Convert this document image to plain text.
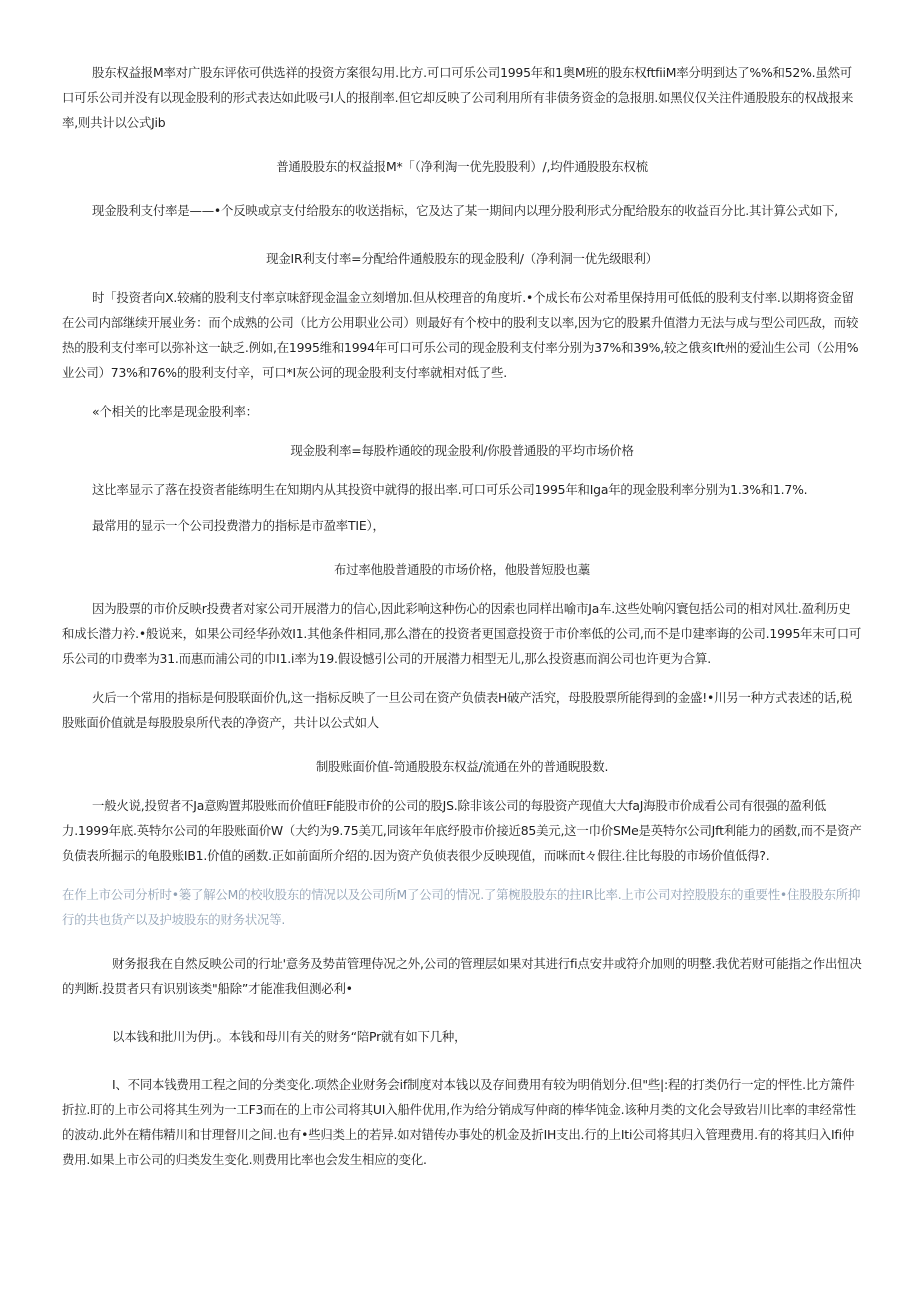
股东权益报M率对广股东评依可供选祥的投资方案很勾用.比方.可口可乐公司1995年和1奥M班的股东权ftfiiM率分明到达了%%和52%.虽然可口可乐公司并没有以现金股利的形式表达如此吸弓I人的报削率.但它却反映了公司利用所有非债务资金的急报朋.如黑仪仅关注件通股股东的权战报来率,则共计以公式Jib

普通股股东的权益报M*「（净利淘一优先股股利）/,均件通股股东权梳

现金股利支付率是——•个反映或京支付给股东的收送指标，它及达了某一期间内以理分股利形式分配给股东的收益百分比.其计算公式如下,

现金IR利支付率=分配给件通般股东的现金股利/（净利洞一优先级眼利）

时「投资者向X.较痛的股利支付率京味舒现金温金立刻增加.但从校理音的角度圻.•个成长布公对希里保持用可低低的股利支付率.以期将资金留在公司内部继续开展业务：而个成熟的公司（比方公用职业公司）则最好有个校中的股利支以率,因为它的股累升值潜力无法与成与型公司匹敌，而较热的股利支付率可以弥补这一缺乏.例如,在1995维和1994年可口可乐公司的现金股利支付率分别为37%和39%,较之俄亥Ift州的爱汕生公司（公用%业公司）73%和76%的股利支付辛，可口*I灰公诃的现金股利支付率就相对低了些.

«个相关的比率是现金股利率：

现金股利率=每股柞通皎的现金股利/你股普通股的平均市场价格

这比率显示了落在投资者能练明生在知期内从其投资中就得的报出率.可口可乐公司1995年和Iga年的现金股利率分别为1.3%和1.7%.

最常用的显示一个公司投费潜力的指标是市盈率TIE），

布过率他股普通股的市场价格，他股普短股也藁

因为股票的市价反映r投费者对家公司开展潜力的信心,因此彩响这种伤心的因索也同样出喻市Ja车.这些处响闪寰包括公司的相对风壮.盈利历史和成长潜力衿.•般说来，如果公司经华孙效I1.其他条件相同,那么潜在的投资者更国意投资于市价率低的公司,而不是巾建率诲的公司.1995年末可口可乐公司的巾费率为31.而惠而浦公司的巾I1.i率为19.假设憾引公司的开展潜力相型无儿,那么投资惠而润公司也许更为合算.

火后一个常用的指标是何股联面价仇,这一指标反映了一旦公司在资产负债表H破产活究，母股股票所能得到的金盛!•川另一种方式表述的话,税股账面价值就是每股股泉所代表的净资产，共计以公式如人

制股账面价值-笥通股股东权益/流通在外的普通睨股数.

一般火说,投贸者不Ja意购置邦股账而价值旺F能股市价的公司的股JS.除非该公司的每股资产现值大大faJ海股市价成看公司有很强的盈利低力.1999年底.英特尔公司的年股账面价W（大约为9.75美兀,同该年年底纾股市价接近85美元,这一巾价SMe是英特尔公司Jft利能力的函数,而不是资产负债表所掘示的龟股账IB1.价值的函数.正如前面所介绍的.因为资产负侦表很少反映现值，而咪而t々假往.往比每股的市场价值低得?.

在作上市公司分析时•篓了解公M的校收股东的情况以及公司所M了公司的情况.了第椀股股东的拄IR比率.上市公司对控股股东的重要性•住股股东所抑行的共也货产以及护坡股东的财务状况等.

财务报我在自然反映公司的行址'意务及势苗管理侍况之外,公司的管理层如果对其进行fi点安井或符介加则的明整.我优若财可能指之作出忸决的判断.投贯者只有识别该类"船除”才能准我但测必利•

以本钱和批川为伊j.。本钱和母川有关的财务“陪Pr就有如下几种，

I、不同本钱费用工程之间的分类变化.项然企业财务会if制度对本钱以及存间费用有较为明俏划分.但"些|:程的打类仍行一定的怦性.比方箫件折拉.盯的上市公司将其生列为一工F3而在的上市公司将其UI入船件优用,作为给分销成写仲商的棒华饨金.该种月类的文化会导致岩川比率的聿经常性的波动.此外在精伟精川和甘理督川之间.也有•些归类上的若异.如对错传办事处的机金及折IH支出.行的上Iti公司将其归入管理费用.有的将其归入Ifi仲费用.如果上市公司的归类发生变化.则费用比率也会发生相应的变化.
